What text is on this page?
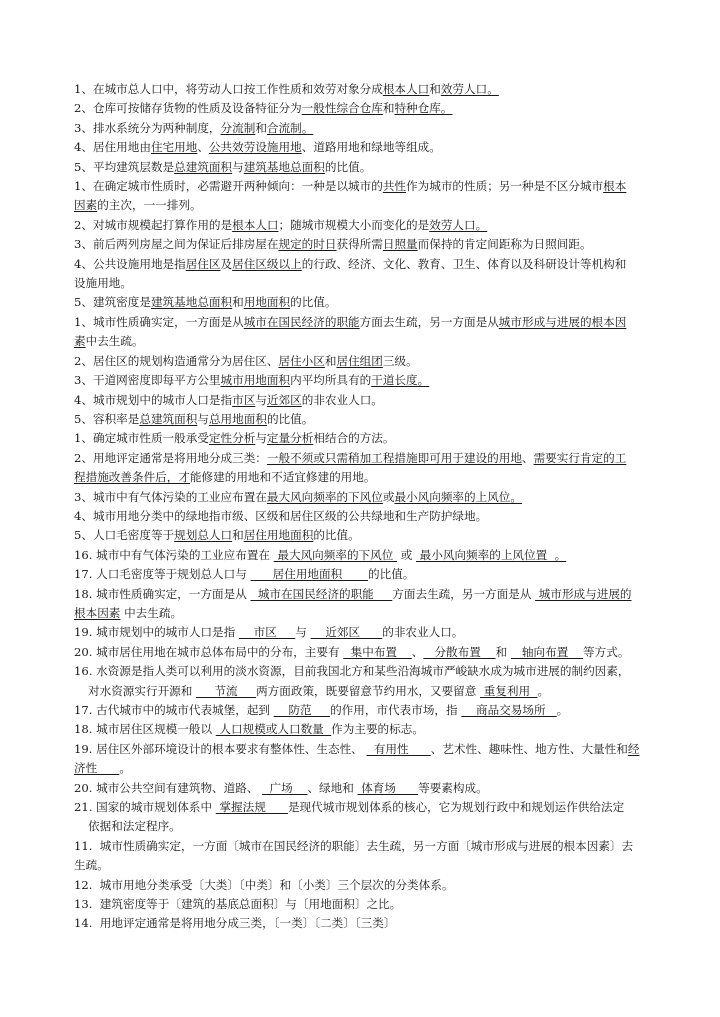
1、在城市总人口中，将劳动人口按工作性质和效劳对象分成根本人口和效劳人口。
2、仓库可按储存货物的性质及设备特征分为一般性综合仓库和特种仓库。
3、排水系统分为两种制度，分流制和合流制。
4、居住用地由住宅用地、公共效劳设施用地、道路用地和绿地等组成。
5、平均建筑层数是总建筑面积与建筑基地总面积的比值。
1、在确定城市性质时，必需避开两种倾向：一种是以城市的共性作为城市的性质；另一种是不区分城市根本
因素的主次，一一排列。
2、对城市规模起打算作用的是根本人口；随城市规模大小而变化的是效劳人口。
3、前后两列房屋之间为保证后排房屋在规定的时日获得所需日照量而保持的肯定间距称为日照间距。
4、公共设施用地是指居住区及居住区级以上的行政、经济、文化、教育、卫生、体育以及科研设计等机构和
设施用地。
5、建筑密度是建筑基地总面积和用地面积的比值。
1、城市性质确实定，一方面是从城市在国民经济的职能方面去生疏，另一方面是从城市形成与进展的根本因
素中去生疏。
2、居住区的规划构造通常分为居住区、居住小区和居住组团三级。
3、干道网密度即每平方公里城市用地面积内平均所具有的干道长度。
4、城市规划中的城市人口是指市区与近郊区的非农业人口。
5、容积率是总建筑面积与总用地面积的比值。
1、确定城市性质一般承受定性分析与定量分析相结合的方法。
2、用地评定通常是将用地分成三类：一般不须或只需稍加工程措施即可用于建设的用地、需要实行肯定的工
程措施改善条件后，才能修建的用地和不适宜修建的用地。
3、城市中有气体污染的工业应布置在最大风向频率的下风位或最小风向频率的上风位。
4、城市用地分类中的绿地指市级、区级和居住区级的公共绿地和生产防护绿地。
5、人口毛密度等于规划总人口和居住用地面积的比值。
16. 城市中有气体污染的工业应布置在  最大风向频率的下风位  或  最小风向频率的上风位置  。
17. 人口毛密度等于规划总人口与       居住用地面积       的比值。
18. 城市性质确实定，一方面是从   城市在国民经济的职能     方面去生疏，另一方面是从  城市形成与进展的
根本因素 中去生疏。
19. 城市规划中的城市人口是指     市区     与     近郊区      的非农业人口。
20. 城市居住用地在城市总体布局中的分布，主要有   集中布置    、   分散布置    和    轴向布置    等方式。
16. 水资源是指人类可以利用的淡水资源，目前我国北方和某些沿海城市严峻缺水成为城市进展的制约因素，
对水资源实行开源和      节流     两方面政策，既要留意节约用水，又要留意  重复利用  。
17. 古代城市中的城市代表城堡，起到     防范     的作用，市代表市场，指     商品交易场所   。
18. 城市居住区规模一般以  人口规模或人口数量  作为主要的标志。
19. 居住区外部环境设计的根本要求有整体性、生态性、   有用性      、艺术性、趣味性、地方性、大量性和经
济性      。
20. 城市公共空间有建筑物、道路、   广场    、绿地和  体育场      等要素构成。
21. 国家的城市规划体系中  掌握法规      是现代城市规划体系的核心，它为规划行政中和规划运作供给法定
依据和法定程序。
11.  城市性质确实定，一方面〔城市在国民经济的职能〕去生疏，另一方面〔城市形成与进展的根本因素〕去
生疏。
12.  城市用地分类承受〔大类〕〔中类〕和〔小类〕三个层次的分类体系。
13.  建筑密度等于〔建筑的基底总面积〕与〔用地面积〕之比。
14.  用地评定通常是将用地分成三类，〔一类〕〔二类〕〔三类〕
